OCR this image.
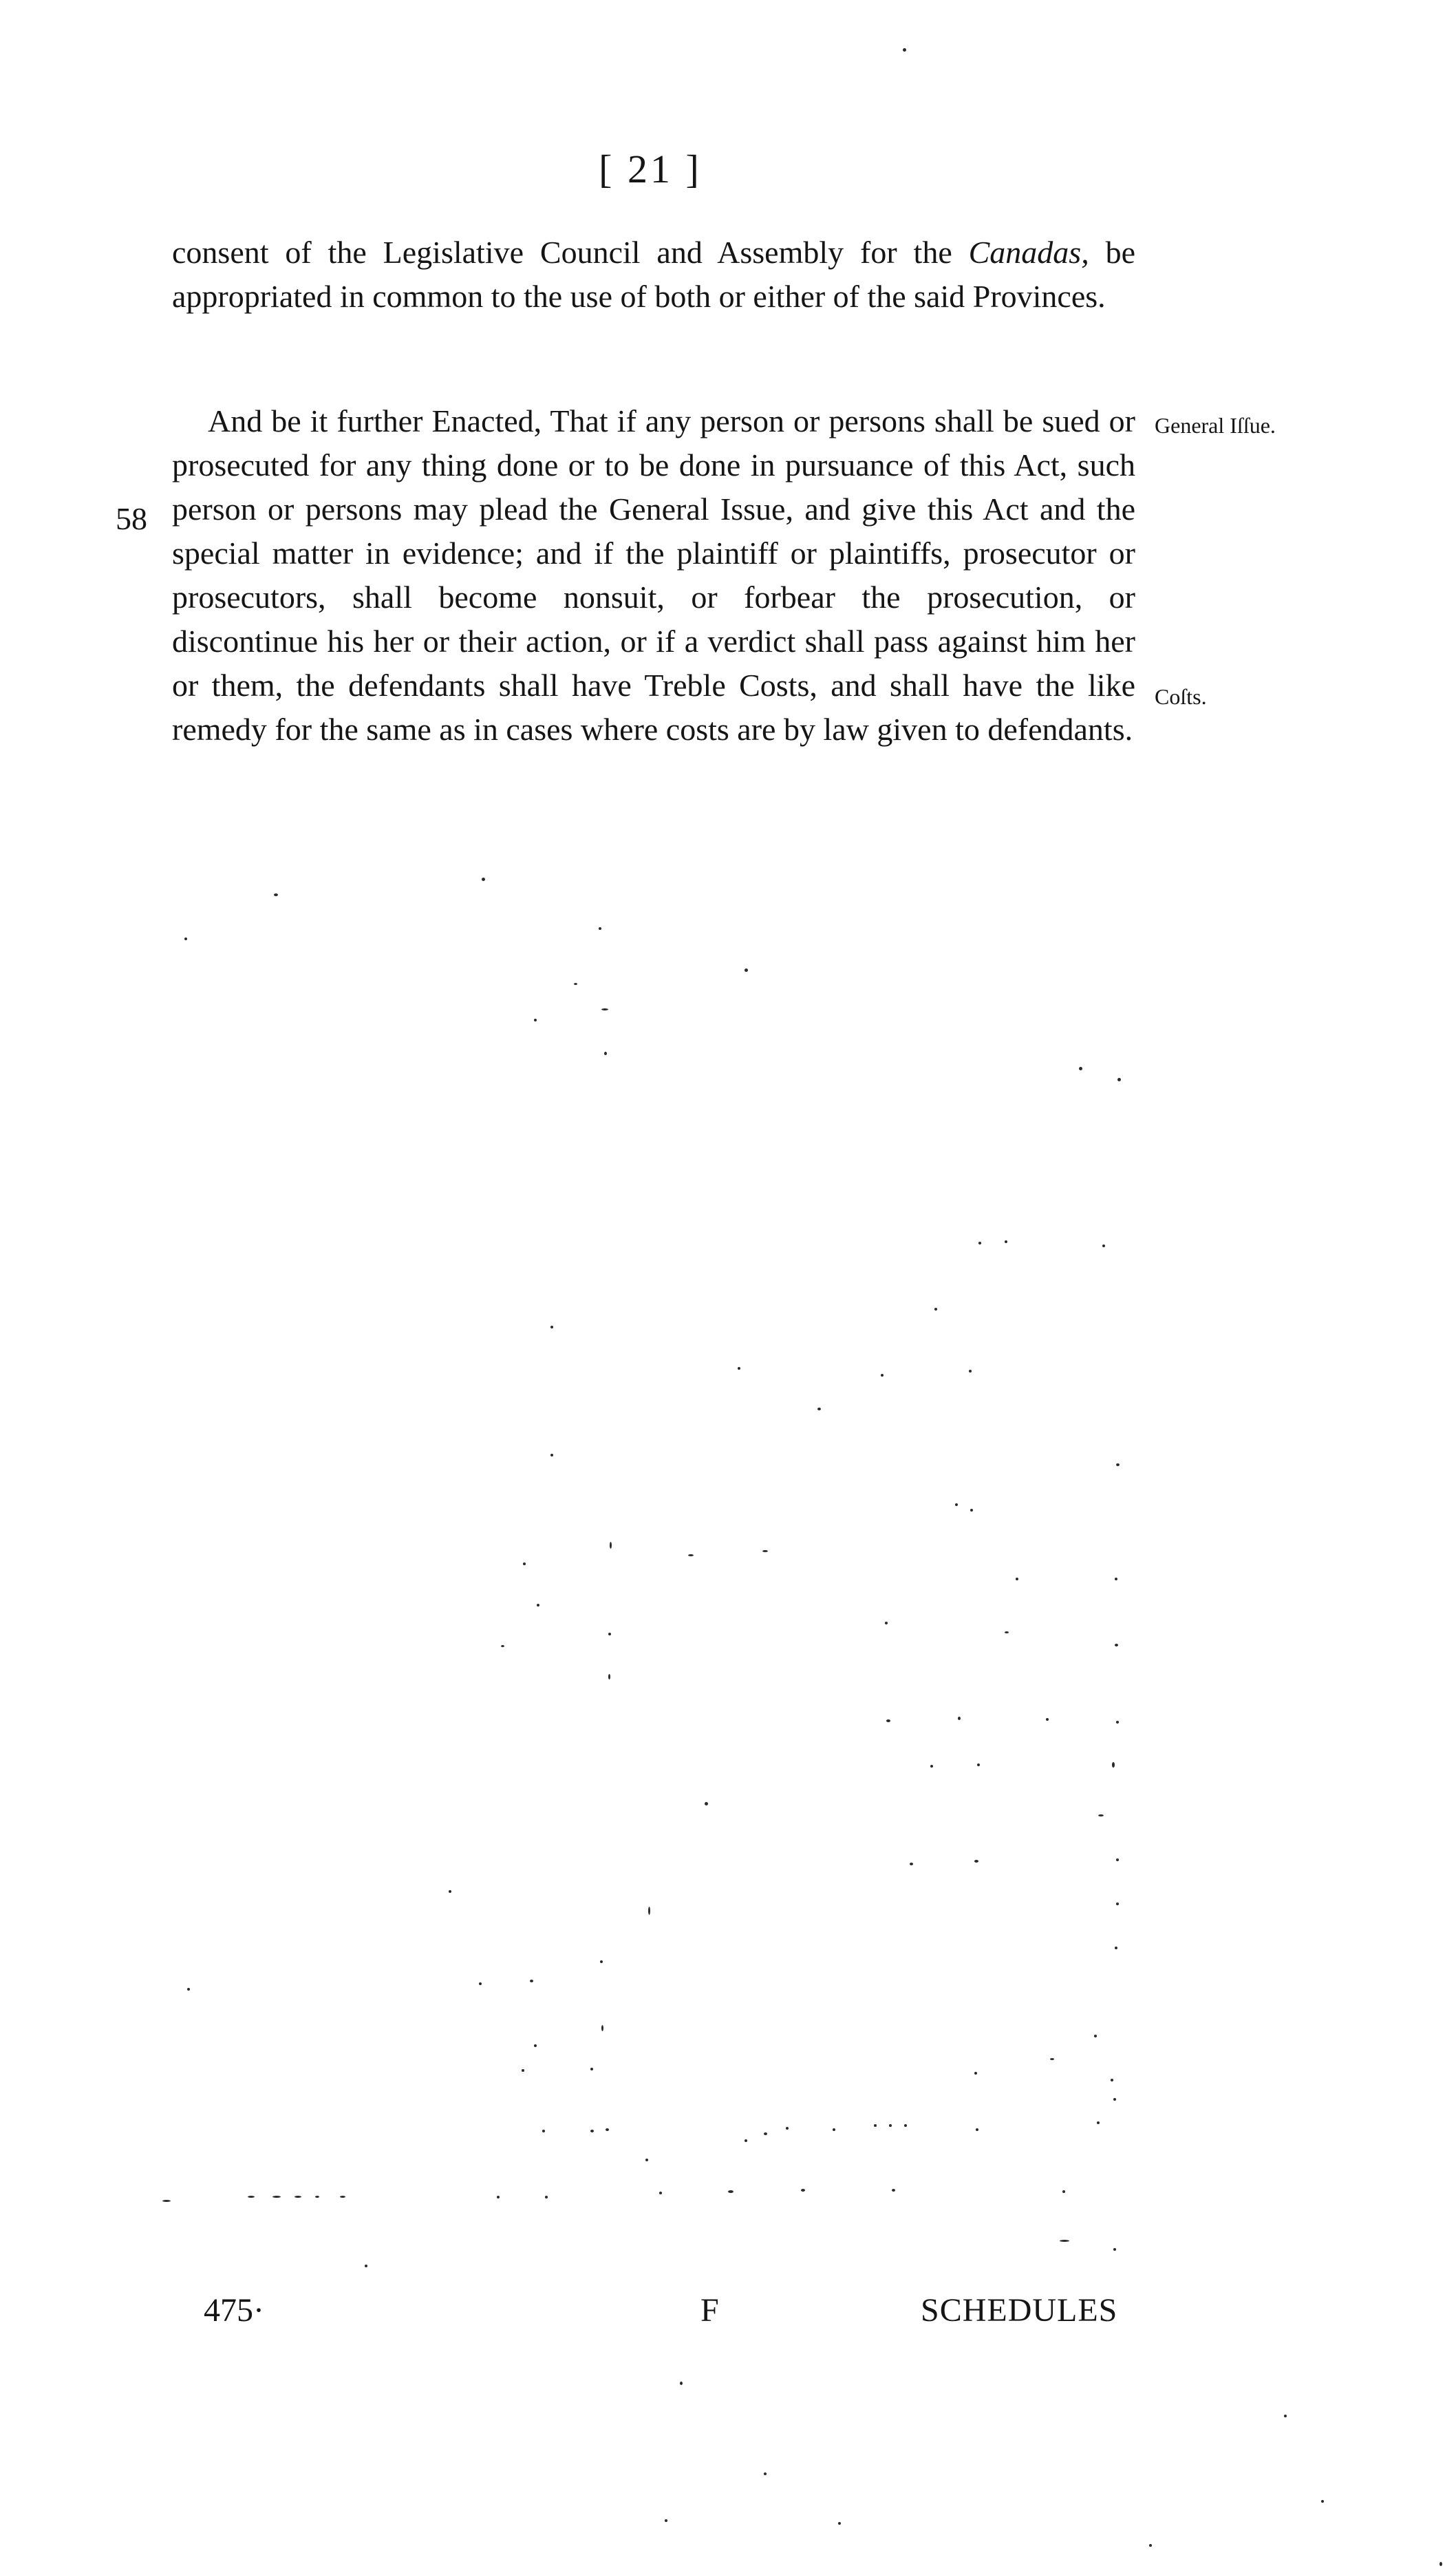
[ 21 ]

consent of the Legislative Council and Assembly for the Canadas, be appropriated in common to the use of both or either of the said Provinces.

And be it further Enacted, That if any person or persons shall be sued or prosecuted for any thing done or to be done in pursuance of this Act, such person or persons may plead the General Issue, and give this Act and the special matter in evidence; and if the plaintiff or plaintiffs, prosecutor or prosecutors, shall become nonsuit, or forbear the prosecution, or discontinue his her or their action, or if a verdict shall pass against him her or them, the defendants shall have Treble Costs, and shall have the like remedy for the same as in cases where costs are by law given to defendants.

58
General Iſſue.
Coſts.
475·	F	SCHEDULES
